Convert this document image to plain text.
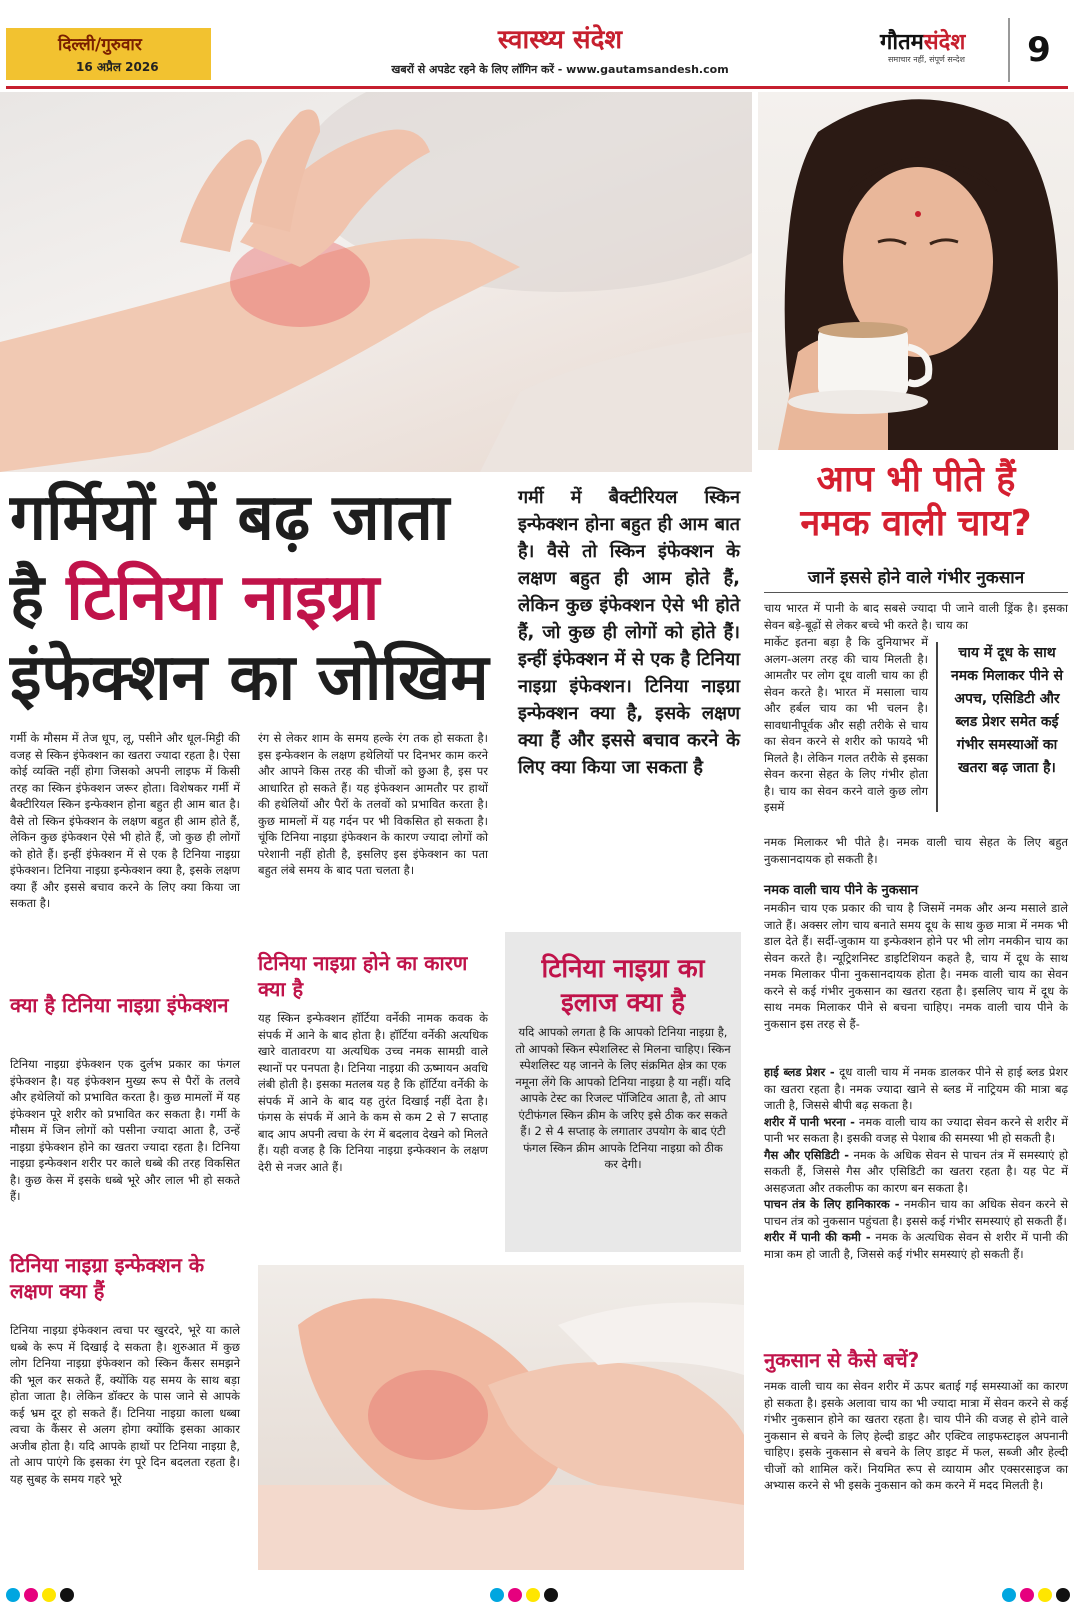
दिल्ली/गुरुवार
16 अप्रैल 2026
स्वास्थ्य संदेश
खबरों से अपडेट रहने के लिए लॉगिन करें - www.gautamsandesh.com
गौतमसंदेश
समाचार नहीं, संपूर्ण सन्देश	9
गर्मियों में बढ़ जाता
है टिनिया नाइग्रा
इंफेक्शन का जोखिम
गर्मी में बैक्टीरियल स्किन इन्फेक्शन होना बहुत ही आम बात है। वैसे तो स्किन इंफेक्शन के लक्षण बहुत ही आम होते हैं, लेकिन कुछ इंफेक्शन ऐसे भी होते हैं, जो कुछ ही लोगों को होते हैं। इन्हीं इंफेक्शन में से एक है टिनिया नाइग्रा इंफेक्शन। टिनिया नाइग्रा इन्फेक्शन क्या है, इसके लक्षण क्या हैं और इससे बचाव करने के लिए क्या किया जा सकता है
गर्मी के मौसम में तेज धूप, लू, पसीने और धूल-मिट्टी की वजह से स्किन इंफेक्शन का खतरा ज्यादा रहता है। ऐसा कोई व्यक्ति नहीं होगा जिसको अपनी लाइफ में किसी तरह का स्किन इंफेक्शन जरूर होता। विशेषकर गर्मी में बैक्टीरियल स्किन इन्फेक्शन होना बहुत ही आम बात है। वैसे तो स्किन इंफेक्शन के लक्षण बहुत ही आम होते हैं, लेकिन कुछ इंफेक्शन ऐसे भी होते हैं, जो कुछ ही लोगों को होते हैं। इन्हीं इंफेक्शन में से एक है टिनिया नाइग्रा इंफेक्शन। टिनिया नाइग्रा इन्फेक्शन क्या है, इसके लक्षण क्या हैं और इससे बचाव करने के लिए क्या किया जा सकता है।
क्या है टिनिया नाइग्रा इंफेक्शन
टिनिया नाइग्रा इंफेक्शन एक दुर्लभ प्रकार का फंगल इंफेक्शन है। यह इंफेक्शन मुख्य रूप से पैरों के तलवे और हथेलियों को प्रभावित करता है। कुछ मामलों में यह इंफेक्शन पूरे शरीर को प्रभावित कर सकता है। गर्मी के मौसम में जिन लोगों को पसीना ज्यादा आता है, उन्हें नाइग्रा इंफेक्शन होने का खतरा ज्यादा रहता है। टिनिया नाइग्रा इन्फेक्शन शरीर पर काले धब्बे की तरह विकसित है। कुछ केस में इसके धब्बे भूरे और लाल भी हो सकते हैं।
टिनिया नाइग्रा इन्फेक्शन के लक्षण क्या हैं
टिनिया नाइग्रा इंफेक्शन त्वचा पर खुरदरे, भूरे या काले धब्बे के रूप में दिखाई दे सकता है। शुरुआत में कुछ लोग टिनिया नाइग्रा इंफेक्शन को स्किन कैंसर समझने की भूल कर सकते हैं, क्योंकि यह समय के साथ बड़ा होता जाता है। लेकिन डॉक्टर के पास जाने से आपके कई भ्रम दूर हो सकते हैं। टिनिया नाइग्रा काला धब्बा त्वचा के कैंसर से अलग होगा क्योंकि इसका आकार अजीब होता है। यदि आपके हाथों पर टिनिया नाइग्रा है, तो आप पाएंगे कि इसका रंग पूरे दिन बदलता रहता है। यह सुबह के समय गहरे भूरे
रंग से लेकर शाम के समय हल्के रंग तक हो सकता है। इस इन्फेक्शन के लक्षण हथेलियों पर दिनभर काम करने और आपने किस तरह की चीजों को छुआ है, इस पर आधारित हो सकते हैं। यह इंफेक्शन आमतौर पर हाथों की हथेलियों और पैरों के तलवों को प्रभावित करता है। कुछ मामलों में यह गर्दन पर भी विकसित हो सकता है। चूंकि टिनिया नाइग्रा इंफेक्शन के कारण ज्यादा लोगों को परेशानी नहीं होती है, इसलिए इस इंफेक्शन का पता बहुत लंबे समय के बाद पता चलता है।
टिनिया नाइग्रा होने का कारण क्या है
यह स्किन इन्फेक्शन हॉर्टिया वर्नेकी नामक कवक के संपर्क में आने के बाद होता है। हॉर्टिया वर्नेकी अत्यधिक खारे वातावरण या अत्यधिक उच्च नमक सामग्री वाले स्थानों पर पनपता है। टिनिया नाइग्रा की ऊष्मायन अवधि लंबी होती है। इसका मतलब यह है कि हॉर्टिया वर्नेकी के संपर्क में आने के बाद यह तुरंत दिखाई नहीं देता है। फंगस के संपर्क में आने के कम से कम 2 से 7 सप्ताह बाद आप अपनी त्वचा के रंग में बदलाव देखने को मिलते हैं। यही वजह है कि टिनिया नाइग्रा इन्फेक्शन के लक्षण देरी से नजर आते हैं।
टिनिया नाइग्रा का इलाज क्या है
यदि आपको लगता है कि आपको टिनिया नाइग्रा है, तो आपको स्किन स्पेशलिस्ट से मिलना चाहिए। स्किन स्पेशलिस्ट यह जानने के लिए संक्रमित क्षेत्र का एक नमूना लेंगे कि आपको टिनिया नाइग्रा है या नहीं। यदि आपके टेस्ट का रिजल्ट पॉजिटिव आता है, तो आप एंटीफंगल स्किन क्रीम के जरिए इसे ठीक कर सकते हैं। 2 से 4 सप्ताह के लगातार उपयोग के बाद एंटी फंगल स्किन क्रीम आपके टिनिया नाइग्रा को ठीक कर देगी।
आप भी पीते हैं
नमक वाली चाय?
जानें इससे होने वाले गंभीर नुकसान
चाय भारत में पानी के बाद सबसे ज्यादा पी जाने वाली ड्रिंक है। इसका सेवन बड़े-बूढ़ों से लेकर बच्चे भी करते है। चाय का
मार्केट इतना बड़ा है कि दुनियाभर में अलग-अलग तरह की चाय मिलती है। आमतौर पर लोग दूध वाली चाय का ही सेवन करते है। भारत में मसाला चाय और हर्बल चाय का भी चलन है। सावधानीपूर्वक और सही तरीके से चाय का सेवन करने से शरीर को फायदे भी मिलते है। लेकिन गलत तरीके से इसका सेवन करना सेहत के लिए गंभीर होता है। चाय का सेवन करने वाले कुछ लोग इसमें
चाय में दूध के साथ नमक मिलाकर पीने से अपच, एसिडिटी और ब्लड प्रेशर समेत कई गंभीर समस्याओं का खतरा बढ़ जाता है।
नमक मिलाकर भी पीते है। नमक वाली चाय सेहत के लिए बहुत नुकसानदायक हो सकती है।
नमक वाली चाय पीने के नुकसान
नमकीन चाय एक प्रकार की चाय है जिसमें नमक और अन्य मसाले डाले जाते हैं। अक्सर लोग चाय बनाते समय दूध के साथ कुछ मात्रा में नमक भी डाल देते हैं। सर्दी-जुकाम या इन्फेक्शन होने पर भी लोग नमकीन चाय का सेवन करते है। न्यूट्रिशनिस्ट डाइटिशियन कहते है, चाय में दूध के साथ नमक मिलाकर पीना नुकसानदायक होता है। नमक वाली चाय का सेवन करने से कई गंभीर नुकसान का खतरा रहता है। इसलिए चाय में दूध के साथ नमक मिलाकर पीने से बचना चाहिए। नमक वाली चाय पीने के नुकसान इस तरह से हैं-

हाई ब्लड प्रेशर - दूध वाली चाय में नमक डालकर पीने से हाई ब्लड प्रेशर का खतरा रहता है। नमक ज्यादा खाने से ब्लड में नाट्रियम की मात्रा बढ़ जाती है, जिससे बीपी बढ़ सकता है।

शरीर में पानी भरना - नमक वाली चाय का ज्यादा सेवन करने से शरीर में पानी भर सकता है। इसकी वजह से पेशाब की समस्या भी हो सकती है।

गैस और एसिडिटी - नमक के अधिक सेवन से पाचन तंत्र में समस्याएं हो सकती हैं, जिससे गैस और एसिडिटी का खतरा रहता है। यह पेट में असहजता और तकलीफ का कारण बन सकता है।

पाचन तंत्र के लिए हानिकारक - नमकीन चाय का अधिक सेवन करने से पाचन तंत्र को नुकसान पहुंचता है। इससे कई गंभीर समस्याएं हो सकती हैं।

शरीर में पानी की कमी - नमक के अत्यधिक सेवन से शरीर में पानी की मात्रा कम हो जाती है, जिससे कई गंभीर समस्याएं हो सकती हैं।

नुकसान से कैसे बचें?
नमक वाली चाय का सेवन शरीर में ऊपर बताई गई समस्याओं का कारण हो सकता है। इसके अलावा चाय का भी ज्यादा मात्रा में सेवन करने से कई गंभीर नुकसान होने का खतरा रहता है। चाय पीने की वजह से होने वाले नुकसान से बचने के लिए हेल्दी डाइट और एक्टिव लाइफस्टाइल अपनानी चाहिए। इसके नुकसान से बचने के लिए डाइट में फल, सब्जी और हेल्दी चीजों को शामिल करें। नियमित रूप से व्यायाम और एक्सरसाइज का अभ्यास करने से भी इसके नुकसान को कम करने में मदद मिलती है।
